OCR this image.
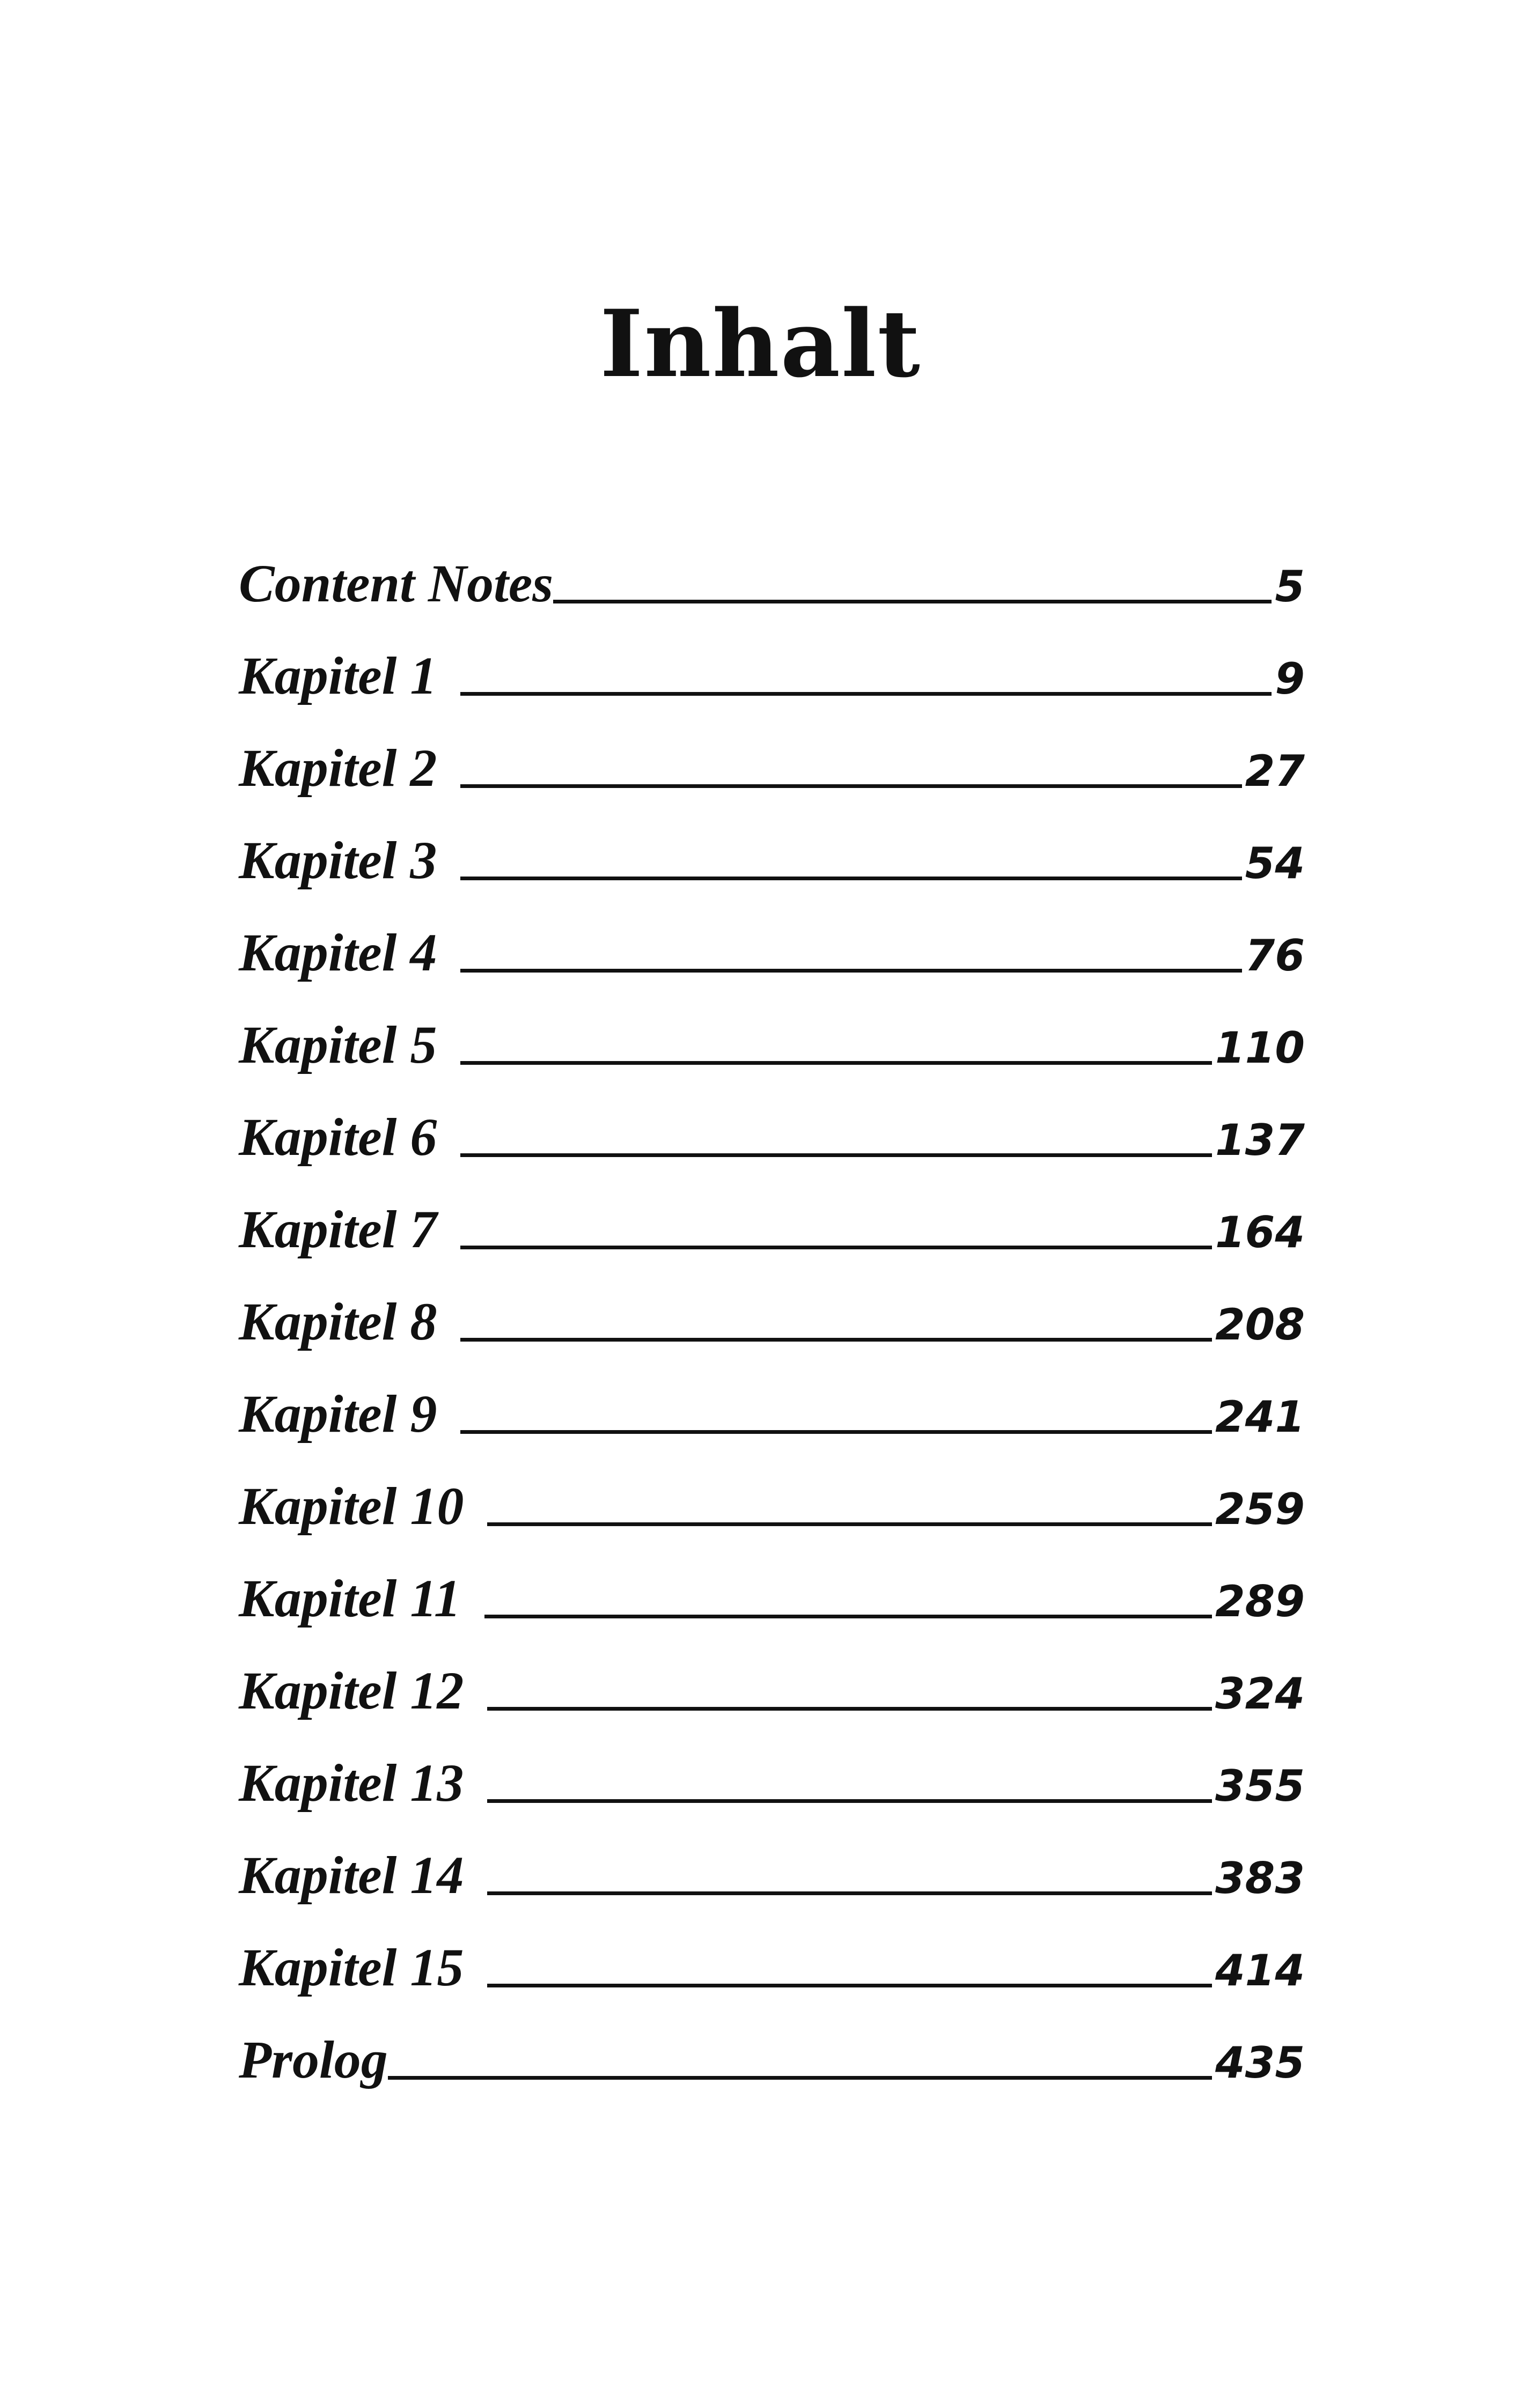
Inhalt
Content Notes	5
Kapitel 1	9
Kapitel 2	27
Kapitel 3	54
Kapitel 4	76
Kapitel 5	110
Kapitel 6	137
Kapitel 7	164
Kapitel 8	208
Kapitel 9	241
Kapitel 10	259
Kapitel 11	289
Kapitel 12	324
Kapitel 13	355
Kapitel 14	383
Kapitel 15	414
Prolog	435
